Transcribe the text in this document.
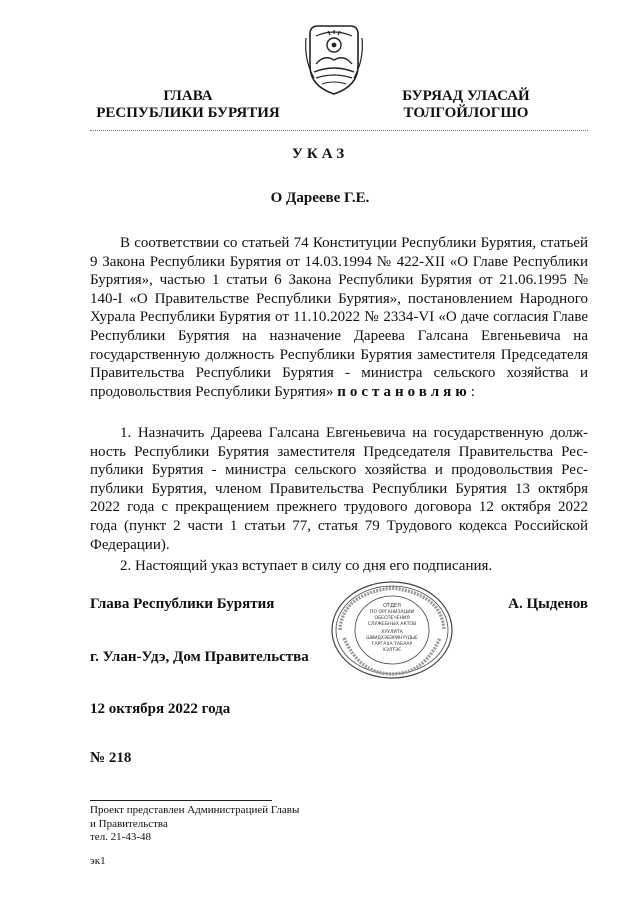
ГЛАВА
РЕСПУБЛИКИ БУРЯТИЯ
БУРЯАД УЛАСАЙ
ТОЛГОЙЛОГШО
УКАЗ
О Дарееве Г.Е.
В соответствии со статьей 74 Конституции Республики Бурятия, статьей 9 Закона Республики Бурятия от 14.03.1994 № 422-XII «О Главе Республики Бурятия», частью 1 статьи 6 Закона Республики Бурятия от 21.06.1995 № 140-I «О Правительстве Республики Бурятия», постановлением Народного Хурала Республики Бурятия от 11.10.2022 № 2334-VI «О даче согласия Главе Республики Бурятия на назначение Дареева Галсана Евгеньевича на государственную должность Республики Бурятия заместителя Председателя Правительства Республики Бурятия - министра сельского хозяйства и продовольствия Республики Бурятия» постановляю:
1. Назначить Дареева Галсана Евгеньевича на государственную должность Республики Бурятия заместителя Председателя Правительства Республики Бурятия - министра сельского хозяйства и продовольствия Республики Бурятия, членом Правительства Республики Бурятия 13 октября 2022 года с прекращением прежнего трудового договора 12 октября 2022 года (пункт 2 части 1 статьи 77, статья 79 Трудового кодекса Российской Федерации).
2. Настоящий указ вступает в силу со дня его подписания.
Глава Республики Бурятия	А. Цыденов
ОТДЕЛ
ПО ОРГАНИЗАЦИИ
ОБЕСПЕЧЕНИЯ
СЛУЖЕБНЫХ АКТОВ
ХУУЛИТА
ШИИДХЭБЭРИНҮҮДЫЕ
ГАРГАХА ТАБААР
ХЭЛТЭС
г. Улан-Удэ, Дом Правительства
12 октября 2022 года
№ 218
Проект представлен Администрацией Главы
и Правительства
тел. 21-43-48
эк1
